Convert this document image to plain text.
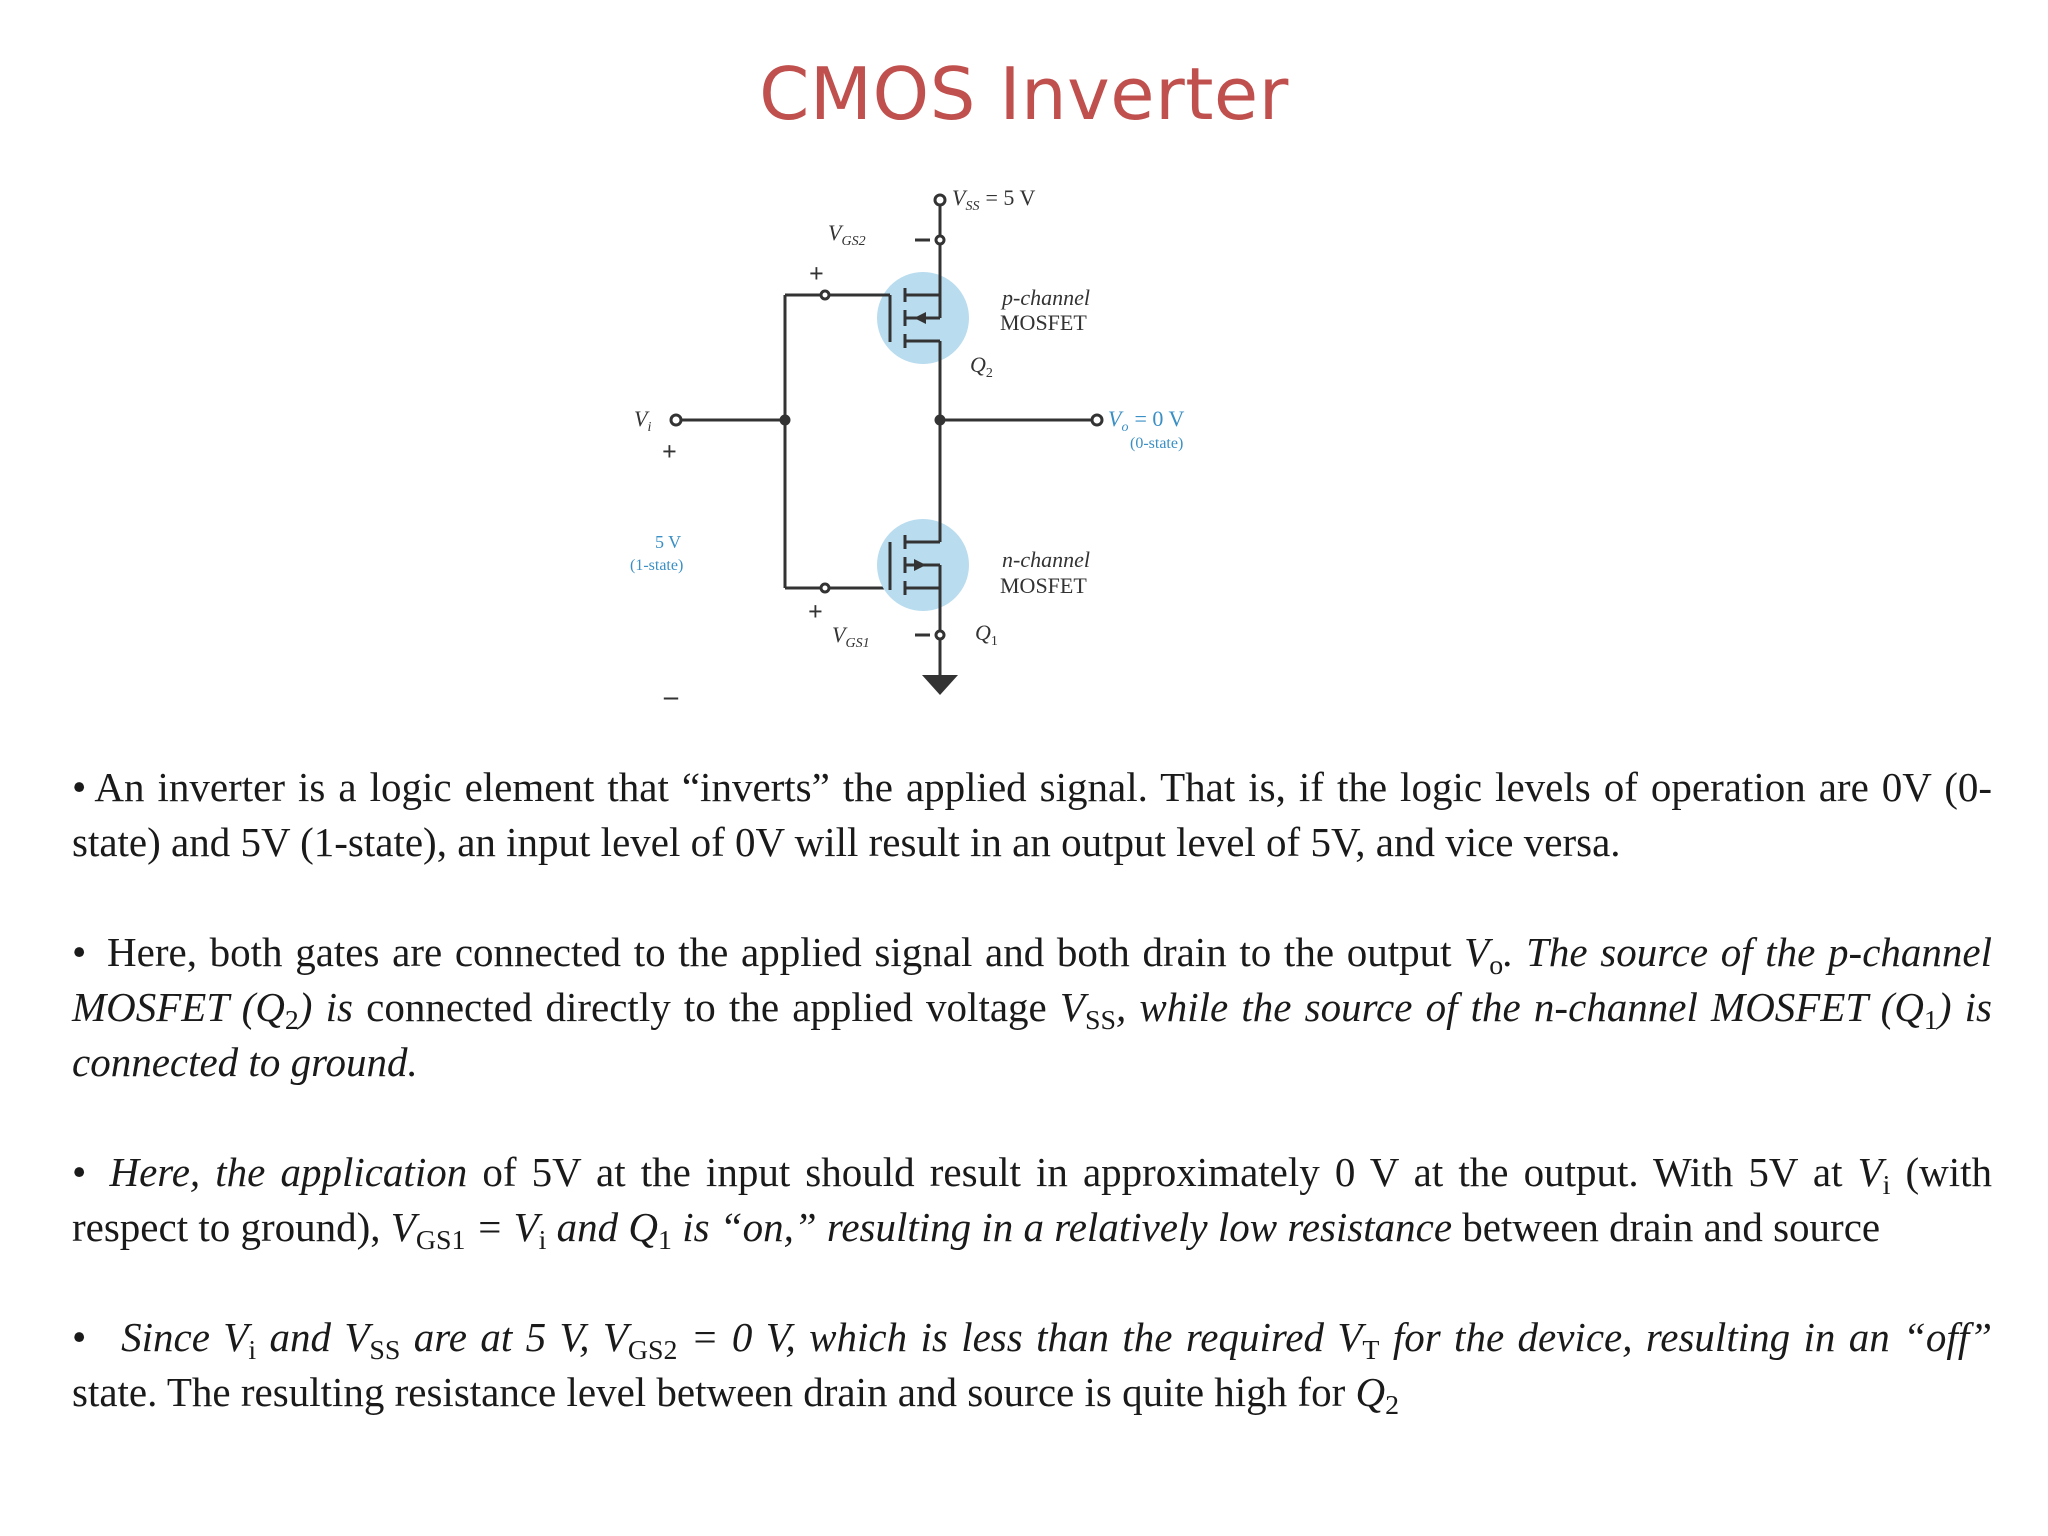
CMOS Inverter
$V_{SS} = 5$ V
$V_{GS2}$
+
p-channel
MOSFET
$Q_2$
$V_i$
+
–
$V_o = 0$ V
(0-state)
5 V
(1-state)	n-channel
MOSFET
$Q_1$
+
$V_{GS1}$

• An inverter is a logic element that “inverts” the applied signal. That is, if the logic levels of operation are 0V (0-state) and 5V (1-state), an input level of 0V will result in an output level of 5V, and vice versa.

• Here, both gates are connected to the applied signal and both drain to the output $V_o$. The source of the p-channel MOSFET $(Q_2)$ is connected directly to the applied voltage $V_{SS}$, while the source of the n-channel MOSFET $(Q_1)$ is connected to ground.

• Here, the application of 5V at the input should result in approximately 0 V at the output. With 5V at $V_i$ (with respect to ground), $V_{GS1} = V_i$ and $Q_1$ is “on,” resulting in a relatively low resistance between drain and source

• Since $V_i$ and $V_{SS}$ are at 5 V, $V_{GS2} = 0$ V, which is less than the required $V_T$ for the device, resulting in an “off” state. The resulting resistance level between drain and source is quite high for $Q_2$
